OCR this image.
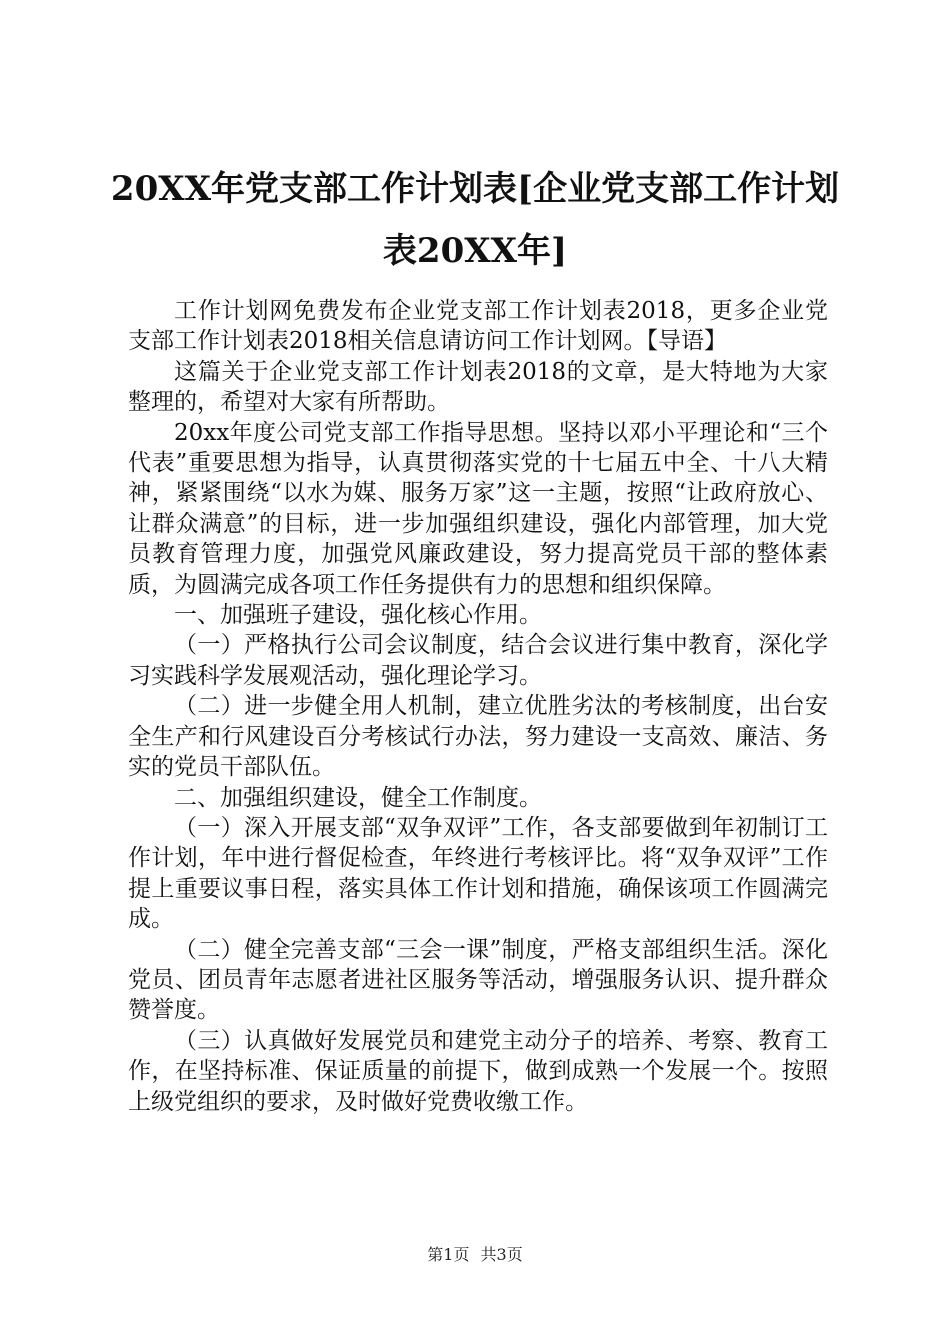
20XX年党支部工作计划表[企业党支部工作计划表20XX年]

工作计划网免费发布企业党支部工作计划表2018，更多企业党支部工作计划表2018相关信息请访问工作计划网。【导语】

这篇关于企业党支部工作计划表2018的文章，是大特地为大家整理的，希望对大家有所帮助。

20xx年度公司党支部工作指导思想。坚持以邓小平理论和“三个代表”重要思想为指导，认真贯彻落实党的十七届五中全、十八大精神，紧紧围绕“以水为媒、服务万家”这一主题，按照“让政府放心、让群众满意”的目标，进一步加强组织建设，强化内部管理，加大党员教育管理力度，加强党风廉政建设，努力提高党员干部的整体素质，为圆满完成各项工作任务提供有力的思想和组织保障。

一、加强班子建设，强化核心作用。

（一）严格执行公司会议制度，结合会议进行集中教育，深化学习实践科学发展观活动，强化理论学习。

（二）进一步健全用人机制，建立优胜劣汰的考核制度，出台安全生产和行风建设百分考核试行办法，努力建设一支高效、廉洁、务实的党员干部队伍。

二、加强组织建设，健全工作制度。

（一）深入开展支部“双争双评”工作，各支部要做到年初制订工作计划，年中进行督促检查，年终进行考核评比。将“双争双评”工作提上重要议事日程，落实具体工作计划和措施，确保该项工作圆满完成。

（二）健全完善支部“三会一课”制度，严格支部组织生活。深化党员、团员青年志愿者进社区服务等活动，增强服务认识、提升群众赞誉度。

（三）认真做好发展党员和建党主动分子的培养、考察、教育工作，在坚持标准、保证质量的前提下，做到成熟一个发展一个。按照上级党组织的要求，及时做好党费收缴工作。

第1页 共3页
